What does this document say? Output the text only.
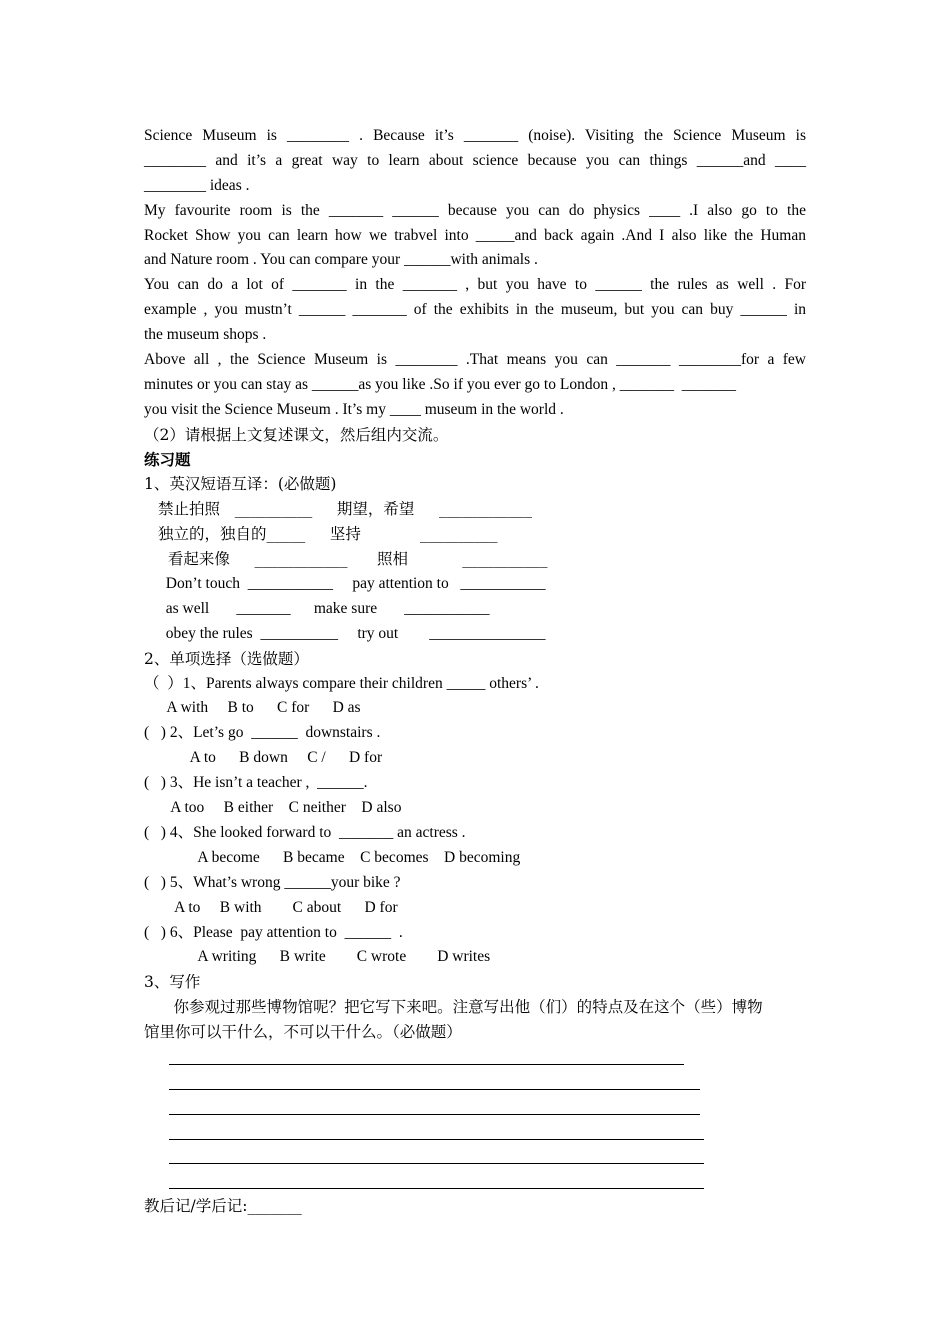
Science Museum is ________ . Because it’s _______ (noise). Visiting the Science Museum is
________ and it’s a great way to learn about science because you can things ______and ____
________ ideas .
My favourite room is the _______ ______ because you can do physics ____ .I also go to the
Rocket Show you can learn how we trabvel into _____and back again .And I also like the Human
and Nature room . You can compare your ______with animals .
You can do a lot of _______ in the _______ , but you have to ______ the rules as well . For
example , you mustn’t ______ _______ of the exhibits in the museum, but you can buy ______ in
the museum shops .
Above all , the Science Museum is ________ .That means you can _______ ________for a few
minutes or you can stay as ______as you like .So if you ever go to London , _______  _______
you visit the Science Museum . It’s my ____ museum in the world .
（2）请根据上文复述课文，然后组内交流。
练习题
1、英汉短语互译：(必做题)
禁止拍照   __________     期望，希望     ____________
独立的，独自的_____     坚持            __________
看起来像     ____________      照相           ___________
Don’t touch  ___________     pay attention to   ___________
as well       _______      make sure       ___________
obey the rules  __________     try out        _______________
2、单项选择（选做题）
（  ）1、Parents always compare their children _____ others’ .
A with     B to      C for      D as
(   ) 2、Let’s go  ______  downstairs .
A to      B down     C /      D for
(   ) 3、He isn’t a teacher ,  ______.
A too     B either    C neither    D also
(   ) 4、She looked forward to  _______ an actress .
A become      B became    C becomes    D becoming
(   ) 5、What’s wrong ______your bike ?
A to     B with        C about      D for
(   ) 6、Please  pay attention to  ______  .
A writing      B write        C wrote        D writes
3、写作
你参观过那些博物馆呢？把它写下来吧。注意写出他（们）的特点及在这个（些）博物
馆里你可以干什么，不可以干什么。（必做题）
教后记/学后记:_______
